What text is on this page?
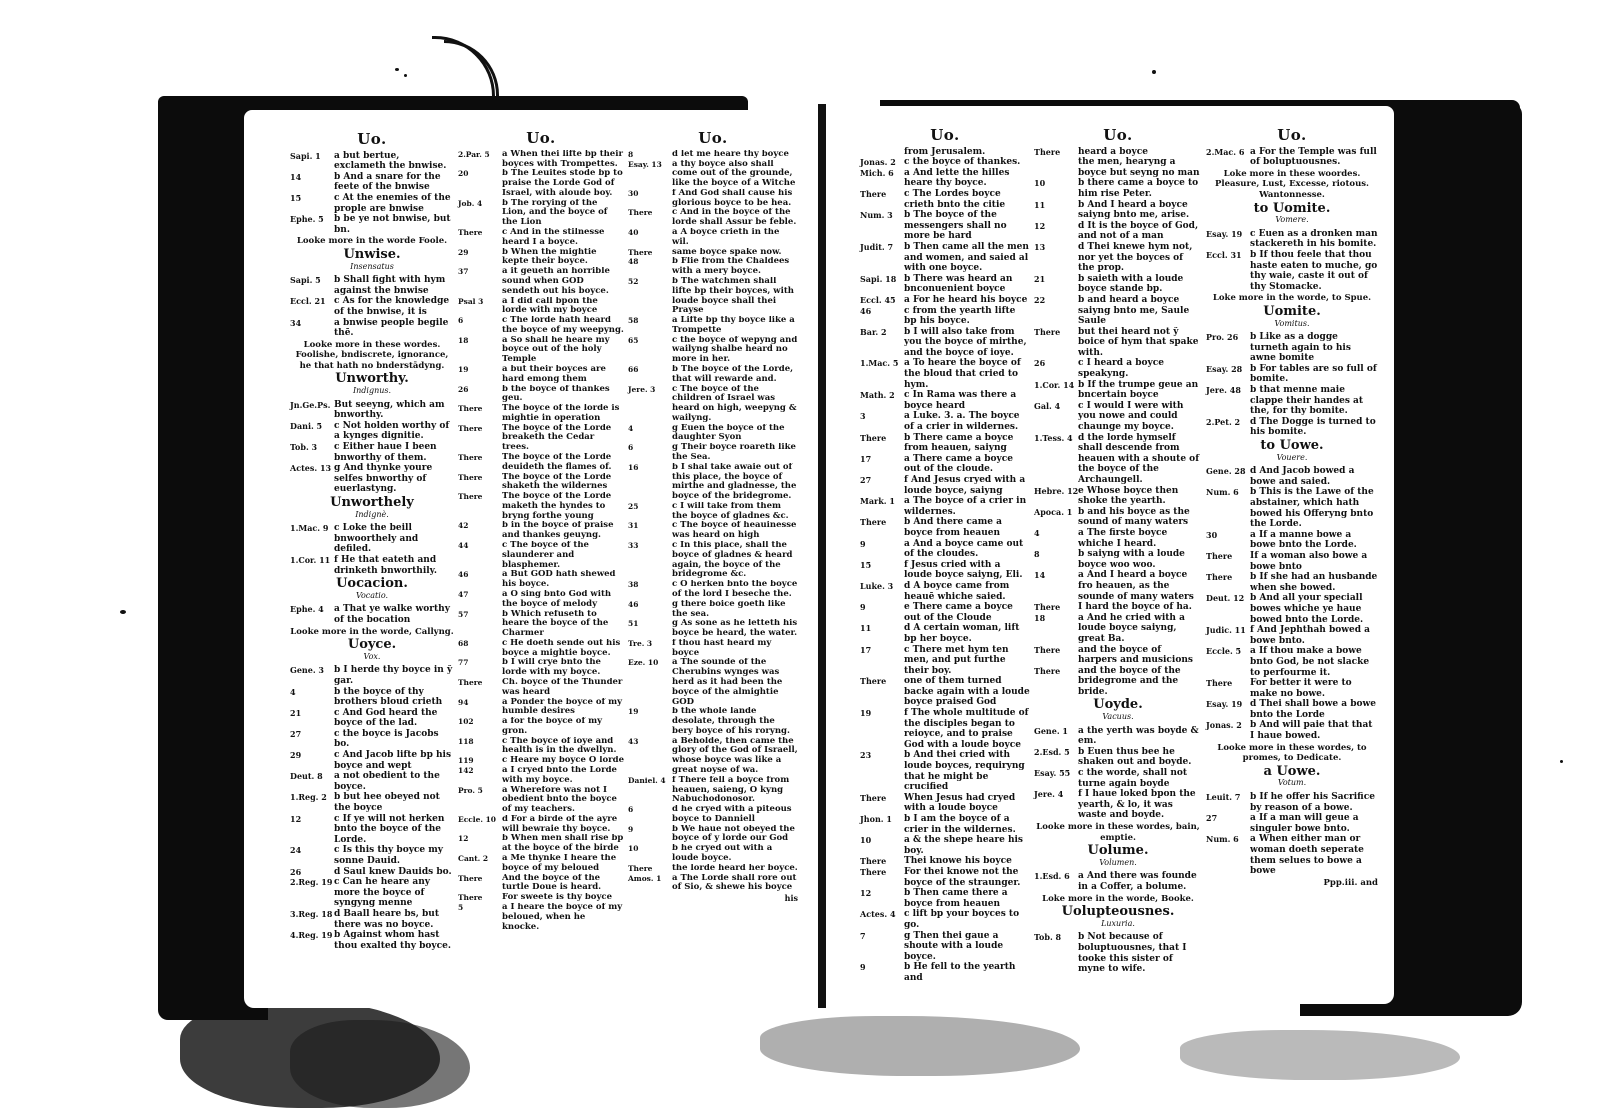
Uo.
Sapi. 1	a but bertue, exclameth the bnwise.
14	b And a snare for the feete of the bnwise
15	c At the enemies of the prople are bnwise
Ephe. 5	b be ye not bnwise, but bn.
Looke more in the worde Foole.
Unwise.
Insensatus
Sapi. 5	b Shall fight with hym against the bnwise
Eccl. 21 c As for the knowledge of the bnwise, it is
34	a bnwise people begile thē.
Looke more in these wordes. Foolishe, bndiscrete, ignorance, he that hath no bnderstādyng.
Unworthy.
Indignus.
Jn.Ge.Ps. But seeyng, which am bnworthy.
Dani. 5	c Not holden worthy of a kynges dignitie.
Tob. 3	c Either haue I been bnworthy of them.
Actes. 13 g And thynke youre selfes bnworthy of euerlastyng.
Unworthely
Indignè.
1.Mac. 9 c Loke the beill bnwoorthely and defiled.
1.Cor. 11 f He that eateth and drinketh bnworthily.
Uocacion.
Vocatio.
Ephe. 4	a That ye walke worthy of the bocation
Looke more in the worde, Callyng.
Uoyce.
Vox.
Gene. 3	b I herde thy boyce in ỹ gar.
4	b the boyce of thy brothers bloud crieth
21	c And God heard the boyce of the lad.
27	c the boyce is Jacobs bo.
29	c And Jacob lifte bp his boyce and wept
Deut. 8	a not obedient to the boyce.
1.Reg. 2 b but hee obeyed not the boyce
12	c If ye will not herken bnto the boyce of the Lorde.
24	c Is this thy boyce my sonne Dauid.
26	d Saul knew Dauids bo.
2.Reg. 19 c Can he heare any more the boyce of syngyng menne
3.Reg. 18 d Baall heare bs, but there was no boyce.
4.Reg. 19 b Against whom hast thou exalted thy boyce.
Uo.
2.Par. 5	a When thei lifte bp their boyces with Trompettes.
20	b The Leuites stode bp to praise the Lorde God of Israel, with aloude boy.
Job. 4	b The rorying of the Lion, and the boyce of the Lion
There	c And in the stilnesse heard I a boyce.
29	b When the mightie kepte their boyce.
37	a it geueth an horrible sound when GOD sendeth out his boyce.
Psal 3	a I did call bpon the lorde with my boyce
6	c The lorde hath heard the boyce of my weepyng.
18	a So shall he heare my boyce out of the holy Temple
19	a but their boyces are hard emong them
26	b the boyce of thankes geu.
There	The boyce of the lorde is mightie in operation
There	The boyce of the Lorde breaketh the Cedar trees.
There	The boyce of the Lorde deuideth the flames of.
There	The boyce of the Lorde shaketh the wildernes
There	The boyce of the Lorde maketh the hyndes to bryng forthe young
42	b in the boyce of praise and thankes geuyng.
44	c The boyce of the slaunderer and blasphemer.
46	a But GOD hath shewed his boyce.
47	a O sing bnto God with the boyce of melody
57	b Which refuseth to heare the boyce of the Charmer
68	c He doeth sende out his boyce a mightie boyce.
77	b I will crye bnto the lorde with my boyce.
There	Ch. boyce of the Thunder was heard
94	a Ponder the boyce of my humble desires
102	a for the boyce of my gron.
118	c The boyce of ioye and health is in the dwellyn.
119	c Heare my boyce O lorde
142	a I cryed bnto the Lorde with my boyce.
Pro. 5	a Wherefore was not I obedient bnto the boyce of my teachers.
Eccle. 10 d For a birde of the ayre will bewraie thy boyce.
12	b When men shall rise bp at the boyce of the birde
Cant. 2	a Me thynke I heare the boyce of my beloued
There	And the boyce of the turtle Doue is heard.
There	For sweete is thy boyce
5	a I heare the boyce of my beloued, when he knocke.
Uo.
8	d let me heare thy boyce
Esay. 13	a thy boyce also shall come out of the grounde, like the boyce of a Witche
30	f And God shall cause his glorious boyce to be hea.
There	c And in the boyce of the lorde shall Assur be feble.
40	a A boyce crieth in the wil.
There	same boyce spake now.
48	b Flie from the Chaldees with a mery boyce.
52	b The watchmen shall lifte bp their boyces, with loude boyce shall thei Prayse
58	a Lifte bp thy boyce like a Trompette
65	c the boyce of wepyng and wailyng shalbe heard no more in her.
66	b The boyce of the Lorde, that will rewarde and.
Jere. 3	c The boyce of the children of Israel was heard on high, weepyng & wailyng.
4	g Euen the boyce of the daughter Syon
6	g Their boyce roareth like the Sea.
16	b I shal take awaie out of this place, the boyce of mirthe and gladnesse, the boyce of the bridegrome.
25	c I will take from them the boyce of gladnes &c.
31	c The boyce of heauinesse was heard on high
33	c In this place, shall the boyce of gladnes & heard again, the boyce of the bridegrome &c.
38	c O herken bnto the boyce of the lord I beseche the.
46	g there boice goeth like the sea.
51	g As sone as he letteth his boyce be heard, the water.
Tre. 3	f thou hast heard my boyce
Eze. 10	a The sounde of the Cherubins wynges was herd as it had been the boyce of the almightie GOD
19	b the whole lande desolate, through the bery boyce of his roryng.
43	a Beholde, then came the glory of the God of Israell, whose boyce was like a great noyse of wa.
Daniel. 4 f There fell a boyce from heauen, saieng, O kyng Nabuchodonosor.
6	d he cryed with a piteous boyce to Danniell
9	b We haue not obeyed the boyce of y lorde our God
10	b he cryed out with a loude boyce.
There	the lorde heard her boyce.
Amos. 1	a The Lorde shall rore out of Sio, & shewe his boyce
his
Uo.
from Jerusalem.
Jonas. 2 c the boyce of thankes.
Mich. 6	a And lette the hilles heare thy boyce.
There	c The Lordes boyce crieth bnto the citie
Num. 3	b The boyce of the messengers shall no more be hard
Judit. 7	b Then came all the men and women, and saied al with one boyce.
Sapi. 18 b There was heard an bnconuenient boyce
Eccl. 45 a For he heard his boyce
46	c from the yearth lifte bp his boyce.
Bar. 2	b I will also take from you the boyce of mirthe, and the boyce of ioye.
1.Mac. 5 a To heare the boyce of the bloud that cried to hym.
Math. 2	c In Rama was there a boyce heard
3	a Luke. 3. a. The boyce of a crier in wildernes.
There	b There came a boyce from heauen, saiyng
17	a There came a boyce out of the cloude.
27	f And Jesus cryed with a loude boyce, saiyng
Mark. 1	a The boyce of a crier in wildernes.
There	b And there came a boyce from heauen
9	a And a boyce came out of the cloudes.
15	f Jesus cried with a loude boyce saiyng, Eli.
Luke. 3	d A boyce came from heauē whiche saied.
9	e There came a boyce out of the Cloude
11	d A certain woman, lift bp her boyce.
17	c There met hym ten men, and put furthe their boy.
There	one of them turned backe again with a loude boyce praised God
19	f The whole multitude of the disciples began to reioyce, and to praise God with a loude boyce
23	b And thei cried with loude boyces, requiryng that he might be crucified
There	When Jesus had cryed with a loude boyce
Jhon. 1	b I am the boyce of a crier in the wildernes.
10	a & the shepe heare his boy.
There	Thei knowe his boyce
There	For thei knowe not the boyce of the straunger.
12	b Then came there a boyce from heauen
Actes. 4 c lift bp your boyces to go.
7	g Then thei gaue a shoute with a loude boyce.
9	b He fell to the yearth and
Uo.
There	heard a boyce
the men, hearyng a boyce but seyng no man
10	b there came a boyce to him rise Peter.
11	b And I heard a boyce saiyng bnto me, arise.
12	d It is the boyce of God, and not of a man
13	d Thei knewe hym not, nor yet the boyces of the prop.
21	b saieth with a loude boyce stande bp.
22	b and heard a boyce saiyng bnto me, Saule Saule
There	but thei heard not ỹ boice of hym that spake with.
26	c I heard a boyce speakyng.
1.Cor. 14 b If the trumpe geue an bncertain boyce
Gal. 4	c I would I were with you nowe and could chaunge my boyce.
1.Tess. 4 d the lorde hymself shall descende from heauen with a shoute of the boyce of the Archaungell.
Hebre. 12 e Whose boyce then shoke the yearth.
Apoca. 1 b and his boyce as the sound of many waters
4	a The firste boyce whiche I heard.
8	b saiyng with a loude boyce woo woo.
14	a And I heard a boyce fro heauen, as the sounde of many waters
There	I hard the boyce of ha.
18	a And he cried with a loude boyce saiyng, great Ba.
There	and the boyce of harpers and musicions
There	and the boyce of the bridegrome and the bride.
Uoyde.
Vacuus.
Gene. 1	a the yerth was boyde & em.
2.Esd. 5 b Euen thus bee he shaken out and boyde.
Esay. 55 c the worde, shall not turne again boyde
Jere. 4	f I haue loked bpon the yearth, & lo, it was waste and boyde.
Looke more in these wordes, bain, emptie.
Uolume.
Volumen.
1.Esd. 6 a And there was founde in a Coffer, a bolume.
Loke more in the worde, Booke.
Uolupteousnes.
Luxuria.
Tob. 8	b Not because of boluptuousnes, that I tooke this sister of myne to wife.
Uo.
2.Mac. 6 a For the Temple was full of boluptuousnes.
Loke more in these woordes. Pleasure, Lust, Excesse, riotous. Wantonnesse.
to Uomite.
Vomere.
Esay. 19 c Euen as a dronken man stackereth in his bomite.
Eccl. 31 b If thou feele that thou haste eaten to muche, go thy waie, caste it out of thy Stomacke.
Loke more in the worde, to Spue.
Uomite.
Vomitus.
Pro. 26	b Like as a dogge turneth again to his awne bomite
Esay. 28 b For tables are so full of bomite.
Jere. 48	b that menne maie clappe their handes at the, for thy bomite.
2.Pet. 2	d The Dogge is turned to his bomite.
to Uowe.
Vouere.
Gene. 28 d And Jacob bowed a bowe and saied.
Num. 6	b This is the Lawe of the abstainer, which hath bowed his Offeryng bnto the Lorde.
30	a If a manne bowe a bowe bnto the Lorde.
There	If a woman also bowe a bowe bnto
There	b If she had an husbande when she bowed.
Deut. 12 b And all your speciall bowes whiche ye haue bowed bnto the Lorde.
Judic. 11 f And Jephthah bowed a bowe bnto.
Eccle. 5 a If thou make a bowe bnto God, be not slacke to perfourme it.
There	For better it were to make no bowe.
Esay. 19 d Thei shall bowe a bowe bnto the Lorde
Jonas. 2 b And will paie that that I haue bowed.
Looke more in these wordes, to promes, to Dedicate.
a Uowe.
Votum.
Leuit. 7	b If he offer his Sacrifice by reason of a bowe.
27	a If a man will geue a singuler bowe bnto.
Num. 6	a When either man or woman doeth seperate them selues to bowe a bowe
Ppp.iii. and
